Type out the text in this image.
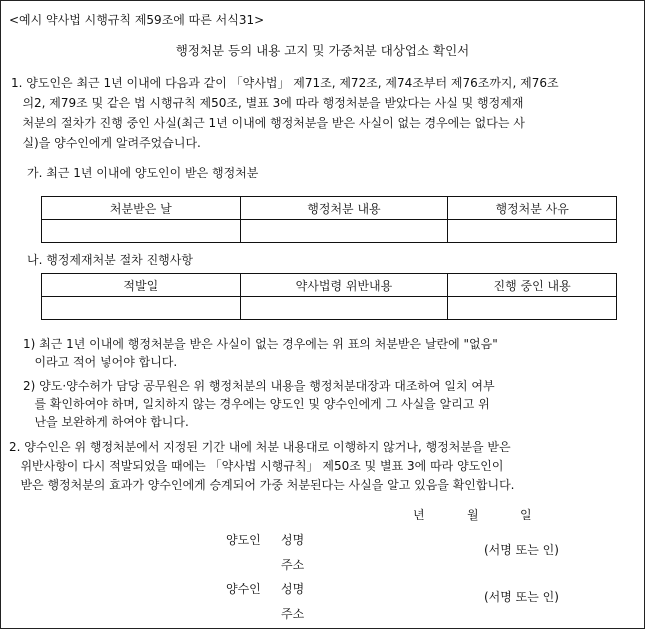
<예시 약사법 시행규칙 제59조에 따른 서식31>
행정처분 등의 내용 고지 및 가중처분 대상업소 확인서
1. 양도인은 최근 1년 이내에 다음과 같이 「약사법」 제71조, 제72조, 제74조부터 제76조까지, 제76조
의2, 제79조 및 같은 법 시행규칙 제50조, 별표 3에 따라 행정처분을 받았다는 사실 및 행정제재
처분의 절차가 진행 중인 사실(최근 1년 이내에 행정처분을 받은 사실이 없는 경우에는 없다는 사
실)을 양수인에게 알려주었습니다.
가. 최근 1년 이내에 양도인이 받은 행정처분
처분받은 날	행정처분 내용	행정처분 사유

나. 행정제재처분 절차 진행사항
적발일	약사법령 위반내용	진행 중인 내용

1) 최근 1년 이내에 행정처분을 받은 사실이 없는 경우에는 위 표의 처분받은 날란에 "없음"
이라고 적어 넣어야 합니다.
2) 양도·양수허가 담당 공무원은 위 행정처분의 내용을 행정처분대장과 대조하여 일치 여부
를 확인하여야 하며, 일치하지 않는 경우에는 양도인 및 양수인에게 그 사실을 알리고 위
난을 보완하게 하여야 합니다.
2. 양수인은 위 행정처분에서 지정된 기간 내에 처분 내용대로 이행하지 않거나, 행정처분을 받은
위반사항이 다시 적발되었을 때에는 「약사법 시행규칙」 제50조 및 별표 3에 따라 양도인이
받은 행정처분의 효과가 양수인에게 승계되어 가중 처분된다는 사실을 알고 있음을 확인합니다.
년	월	일
양도인 성명
(서명 또는 인)
주소
양수인 성명
(서명 또는 인)
주소
